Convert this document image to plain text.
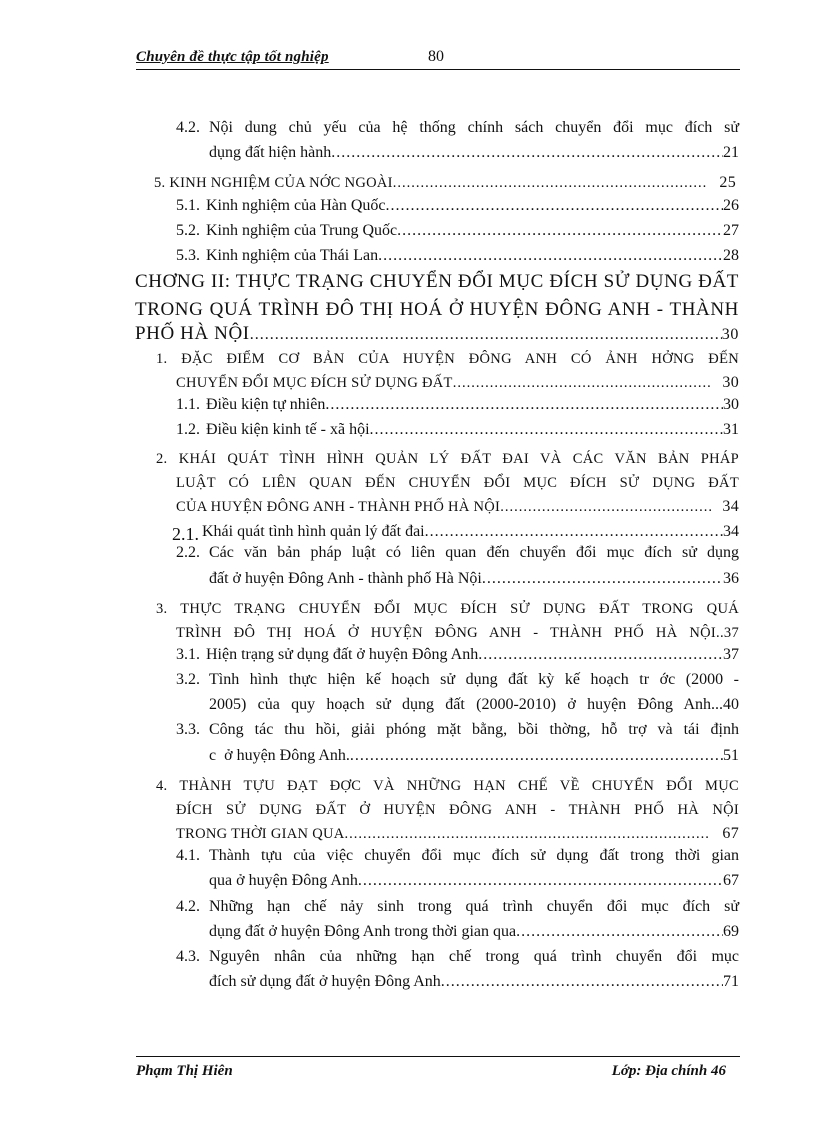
Chuyên đề thực tập tốt nghiệp	80
4.2. Nội dung chủ yếu của hệ thống chính sách chuyển đổi mục đích sử
dụng đất hiện hành .....	21
5. KINH NGHIỆM CỦA NỚC NGOÀI .....	25
5.1. Kinh nghiệm của Hàn Quốc .....	26
5.2. Kinh nghiệm của Trung Quốc .....	27
5.3. Kinh nghiệm của Thái Lan .....	28
CHƠNG II: THỰC TRẠNG CHUYỂN ĐỔI MỤC ĐÍCH SỬ DỤNG ĐẤT
TRONG QUÁ TRÌNH ĐÔ THỊ HOÁ Ở HUYỆN ĐÔNG ANH - THÀNH
PHỐ HÀ NỘI .....	30
1. ĐẶC ĐIỂM CƠ BẢN CỦA HUYỆN ĐÔNG ANH CÓ ẢNH HỞNG ĐẾN
CHUYỂN ĐỔI MỤC ĐÍCH SỬ DỤNG ĐẤT .....	30
1.1. Điều kiện tự nhiên .....	30
1.2. Điều kiện kinh tế - xã hội .....	31
2. KHÁI QUÁT TÌNH HÌNH QUẢN LÝ ĐẤT ĐAI VÀ CÁC VĂN BẢN PHÁP
LUẬT CÓ LIÊN QUAN ĐẾN CHUYỂN ĐỔI MỤC ĐÍCH SỬ DỤNG ĐẤT
CỦA HUYỆN ĐÔNG ANH - THÀNH PHỐ HÀ NỘI .....	34
2.1. Khái quát tình hình quản lý đất đai .....	34
2.2. Các văn bản pháp luật có liên quan đến chuyển đổi mục đích sử dụng
đất ở huyện Đông Anh - thành phố Hà Nội .....	36
3. THỰC TRẠNG CHUYỂN ĐỔI MỤC ĐÍCH SỬ DỤNG ĐẤT TRONG QUÁ
TRÌNH ĐÔ THỊ HOÁ Ở HUYỆN ĐÔNG ANH - THÀNH PHỐ HÀ NỘI..37
3.1. Hiện trạng sử dụng đất ở huyện Đông Anh .....	37
3.2. Tình hình thực hiện kế hoạch sử dụng đất kỳ kế hoạch tr ớc (2000 -
2005) của quy hoạch sử dụng đất (2000-2010) ở huyện Đông Anh...40
3.3. Công tác thu hồi, giải phóng mặt bằng, bồi thờng, hỗ trợ và tái định
c  ở huyện Đông Anh. .....	51
4. THÀNH TỰU ĐẠT ĐỢC VÀ NHỮNG HẠN CHẾ VỀ CHUYỂN ĐỔI MỤC
ĐÍCH SỬ DỤNG ĐẤT Ở HUYỆN ĐÔNG ANH - THÀNH PHỐ HÀ NỘI
TRONG THỜI GIAN QUA .....	67
4.1. Thành tựu của việc chuyển đổi mục đích sử dụng đất trong thời gian
qua ở huyện Đông Anh .....	67
4.2. Những hạn chế nảy sinh trong quá trình chuyển đổi mục đích sử
dụng đất ở huyện Đông Anh trong thời gian qua .....	69
4.3. Nguyên nhân của những hạn chế trong quá trình chuyển đổi mục
đích sử dụng đất ở huyện Đông Anh .....	71
Phạm Thị Hiên	Lớp: Địa chính 46
